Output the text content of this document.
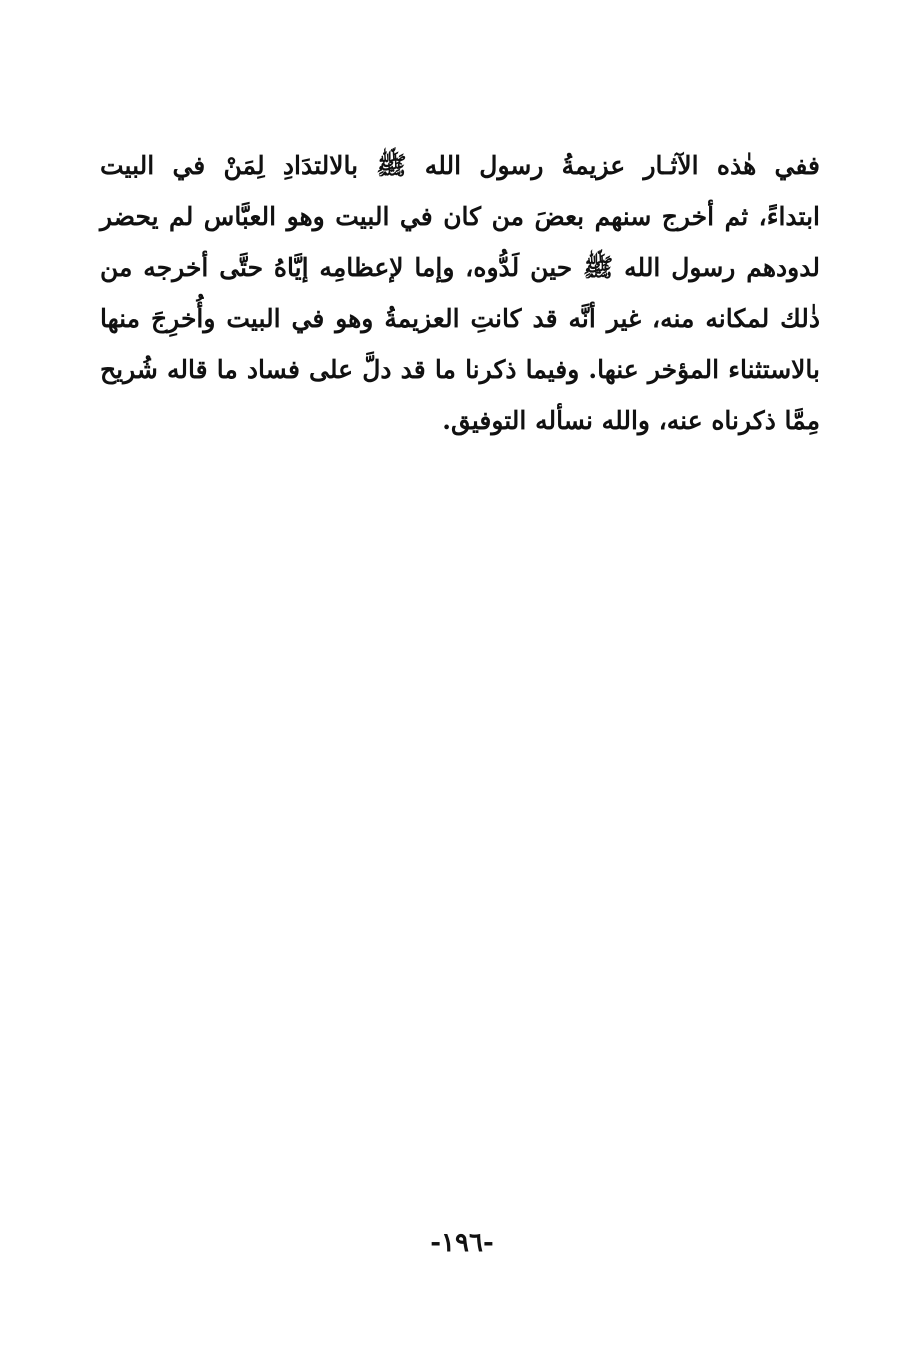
ففي هٰذه الآثـار عزيمةُ رسول الله ﷺ بالالتدَادِ لِمَنْ في البيت
ابتداءً، ثم أخرج سنهم بعضَ من كان في البيت وهو العبَّاس لم يحضر
لدودهم رسول الله ﷺ حين لَدُّوه، وإما لإعظامِه إيَّاهُ حتَّى أخرجه من
ذٰلك لمكانه منه، غير أنَّه قد كانتِ العزيمةُ وهو في البيت وأُخرِجَ منها
بالاستثناء المؤخر عنها. وفيما ذكرنا ما قد دلَّ على فساد ما قاله شُريح
مِمَّا ذكرناه عنه، والله نسأله التوفيق.
-١٩٦-
